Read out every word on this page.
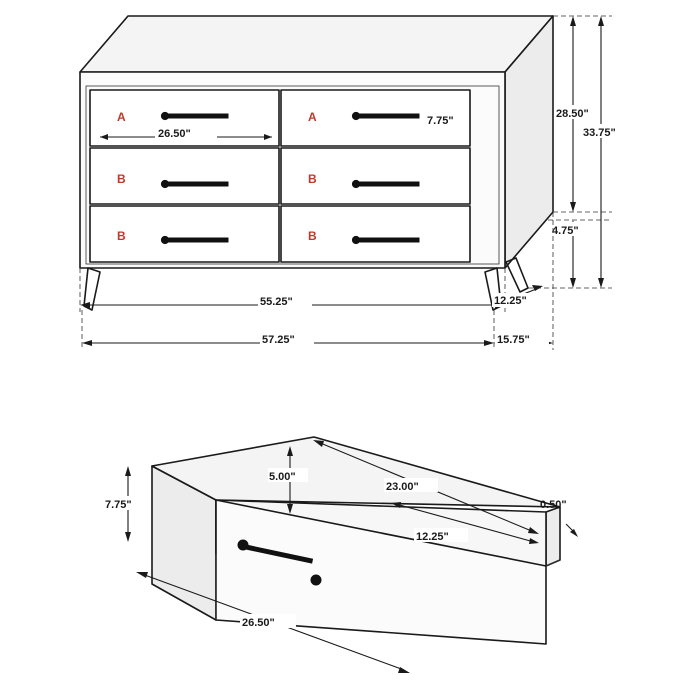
A	A
B	B
B	B
26.50"
7.75"
28.50"
33.75"
4.75"
55.25"	12.25"
57.25"	15.75"
7.75"
5.00"
23.00"
12.25"
0.50"
26.50"
